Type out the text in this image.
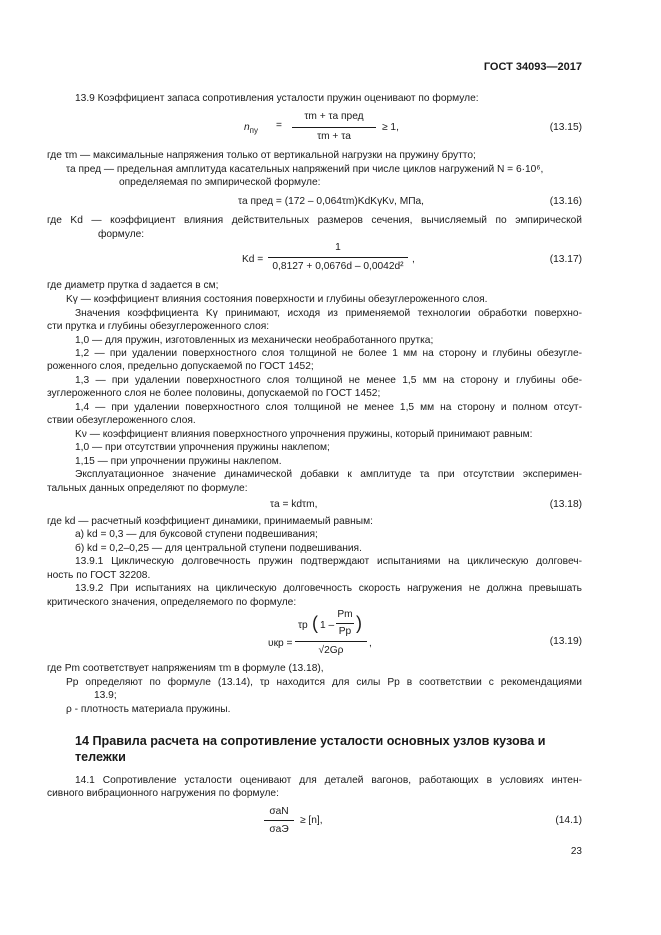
ГОСТ 34093—2017
13.9 Коэффициент запаса сопротивления усталости пружин оценивают по формуле:
$n_{пу}$ =
τm + τa пред
τm + τa
≥ 1,	(13.15)
где τm — максимальные напряжения только от вертикальной нагрузки на пружину брутто;
τa пред — предельная амплитуда касательных напряжений при числе циклов нагружений N = 6·10⁶,
определяемая по эмпирической формуле:
τa пред = (172 – 0,064τm)KdKγKν, МПа,	(13.16)
где Kd — коэффициент влияния действительных размеров сечения, вычисляемый по эмпирической
формуле:
Kd =
1
0,8127 + 0,0676d – 0,0042d²
,	(13.17)
где диаметр прутка d задается в см;
Kγ — коэффициент влияния состояния поверхности и глубины обезуглероженного слоя.
Значения коэффициента Kγ принимают, исходя из применяемой технологии обработки поверхно-
сти прутка и глубины обезуглероженного слоя:
1,0 — для пружин, изготовленных из механически необработанного прутка;
1,2 — при удалении поверхностного слоя толщиной не более 1 мм на сторону и глубины обезугле-
роженного слоя, предельно допускаемой по ГОСТ 1452;
1,3 — при удалении поверхностного слоя толщиной не менее 1,5 мм на сторону и глубины обе-
зуглероженного слоя не более половины, допускаемой по ГОСТ 1452;
1,4 — при удалении поверхностного слоя толщиной не менее 1,5 мм на сторону и полном отсут-
ствии обезуглероженного слоя.
Kν — коэффициент влияния поверхностного упрочнения пружины, который принимают равным:
1,0 — при отсутствии упрочнения пружины наклепом;
1,15 — при упрочнении пружины наклепом.
Эксплуатационное значение динамической добавки к амплитуде τa при отсутствии эксперимен-
тальных данных определяют по формуле:
τa = kdτm,	(13.18)
где kd — расчетный коэффициент динамики, принимаемый равным:
а) kd = 0,3 — для буксовой ступени подвешивания;
б) kd = 0,2–0,25 — для центральной ступени подвешивания.
13.9.1 Циклическую долговечность пружин подтверждают испытаниями на циклическую долговеч-
ность по ГОСТ 32208.
13.9.2 При испытаниях на циклическую долговечность скорость нагружения не должна превышать
критического значения, определяемого по формуле:
υкр =
τp ( 1 –
Pm
Pp )
√2Gρ
,	(13.19)
где Pm соответствует напряжениям τm в формуле (13.18),
Pp определяют по формуле (13.14), τp находится для силы Pp в соответствии с рекомендациями
13.9;
ρ - плотность материала пружины.
14 Правила расчета на сопротивление усталости основных узлов кузова и
тележки
14.1 Сопротивление усталости оценивают для деталей вагонов, работающих в условиях интен-
сивного вибрационного нагружения по формуле:
σaN
σaЭ
≥ [n],	(14.1)
23
